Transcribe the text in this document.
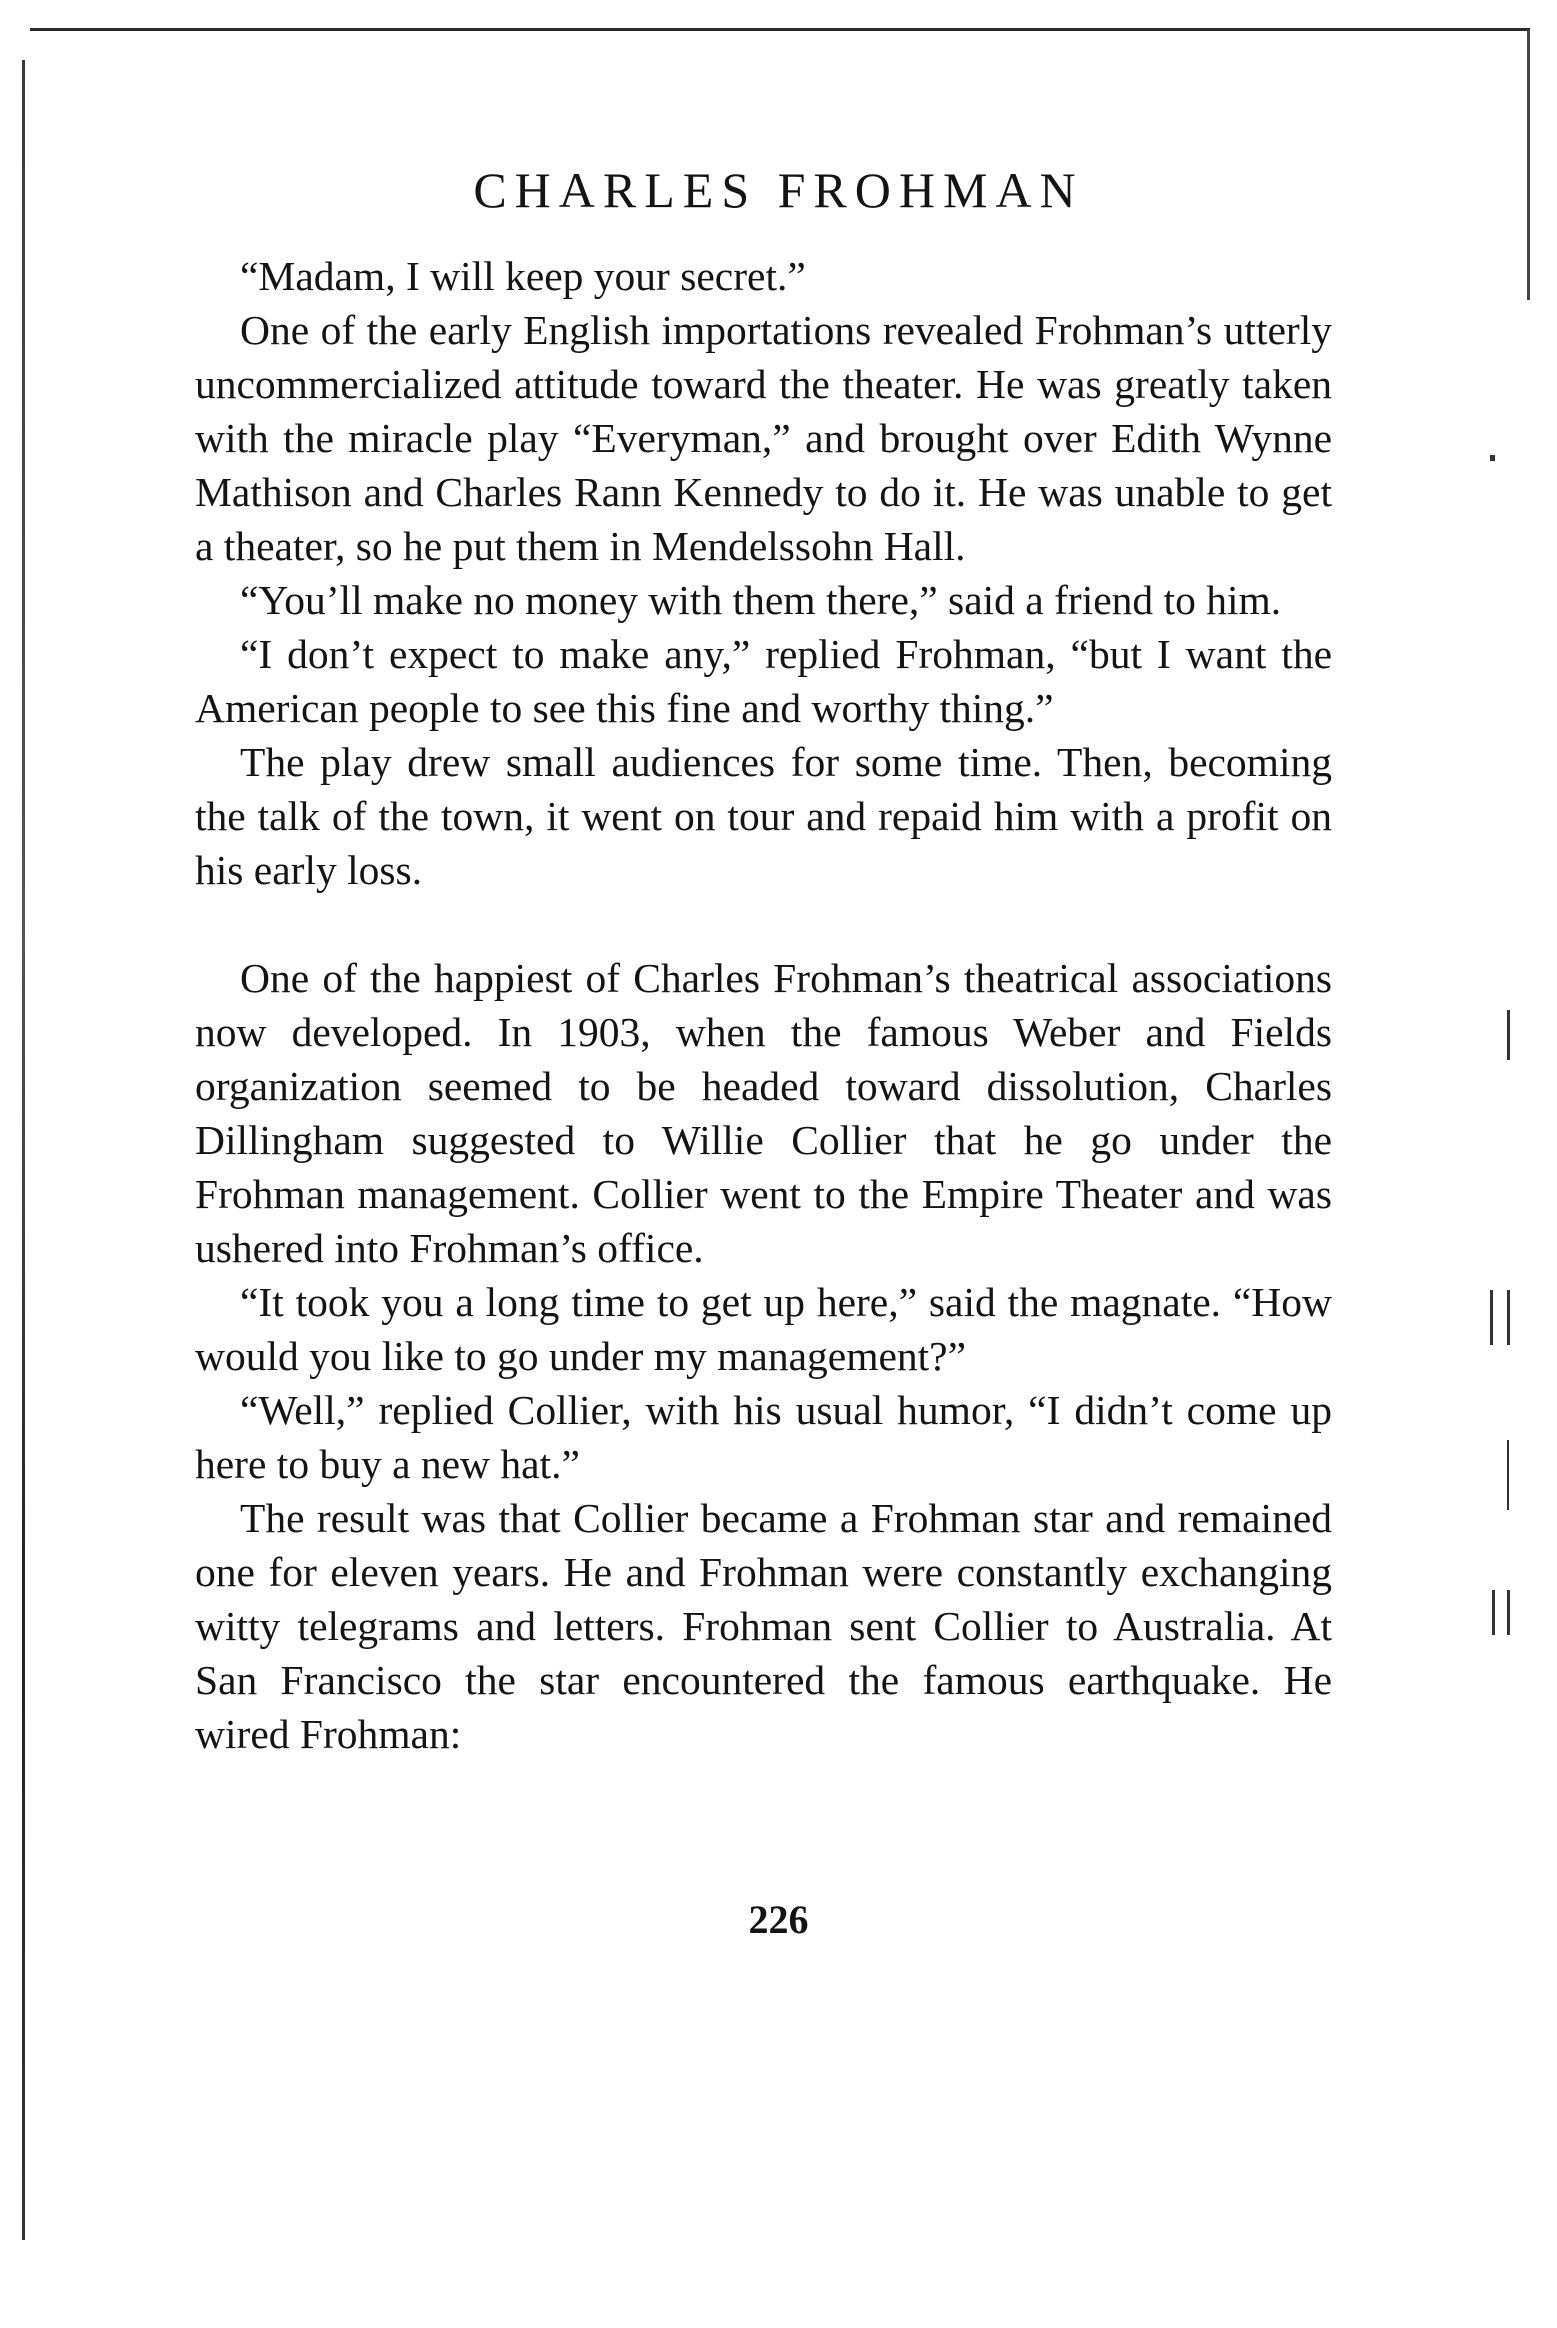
CHARLES FROHMAN

“Madam, I will keep your secret.”

One of the early English importations revealed Frohman’s utterly uncommercialized attitude toward the theater. He was greatly taken with the miracle play “Everyman,” and brought over Edith Wynne Mathison and Charles Rann Kennedy to do it. He was unable to get a theater, so he put them in Mendelssohn Hall.

“You’ll make no money with them there,” said a friend to him.

“I don’t expect to make any,” replied Frohman, “but I want the American people to see this fine and worthy thing.”

The play drew small audiences for some time. Then, becoming the talk of the town, it went on tour and repaid him with a profit on his early loss.

One of the happiest of Charles Frohman’s theatrical associations now developed. In 1903, when the famous Weber and Fields organization seemed to be headed toward dissolution, Charles Dillingham suggested to Willie Collier that he go under the Frohman management. Collier went to the Empire Theater and was ushered into Frohman’s office.

“It took you a long time to get up here,” said the magnate. “How would you like to go under my management?”

“Well,” replied Collier, with his usual humor, “I didn’t come up here to buy a new hat.”

The result was that Collier became a Frohman star and remained one for eleven years. He and Frohman were constantly exchanging witty telegrams and letters. Frohman sent Collier to Australia. At San Francisco the star encountered the famous earthquake. He wired Frohman:

226
